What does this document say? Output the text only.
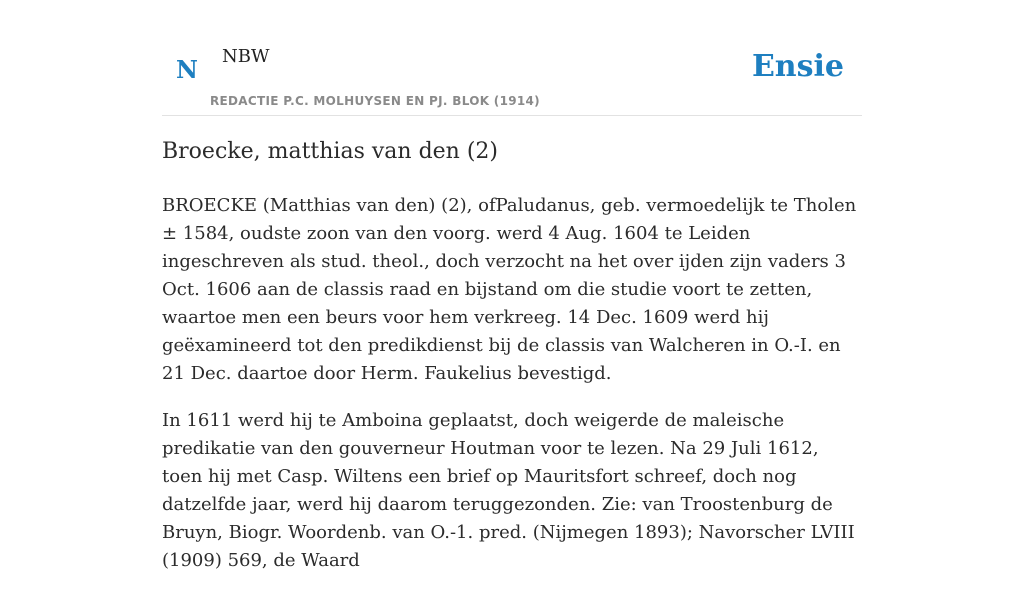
N NBW
REDACTIE P.C. MOLHUYSEN EN PJ. BLOK (1914)
Ensie
Broecke, matthias van den (2)

BROECKE (Matthias van den) (2), ofPaludanus, geb. vermoedelijk te Tholen ± 1584, oudste zoon van den voorg. werd 4 Aug. 1604 te Leiden ingeschreven als stud. theol., doch verzocht na het over ijden zijn vaders 3 Oct. 1606 aan de classis raad en bijstand om die studie voort te zetten, waartoe men een beurs voor hem verkreeg. 14 Dec. 1609 werd hij geëxamineerd tot den predikdienst bij de classis van Walcheren in O.-I. en 21 Dec. daartoe door Herm. Faukelius bevestigd.

In 1611 werd hij te Amboina geplaatst, doch weigerde de maleische predikatie van den gouverneur Houtman voor te lezen. Na 29 Juli 1612, toen hij met Casp. Wiltens een brief op Mauritsfort schreef, doch nog datzelfde jaar, werd hij daarom teruggezonden. Zie: van Troostenburg de Bruyn, Biogr. Woordenb. van O.-1. pred. (Nijmegen 1893); Navorscher LVIII (1909) 569, de Waard
